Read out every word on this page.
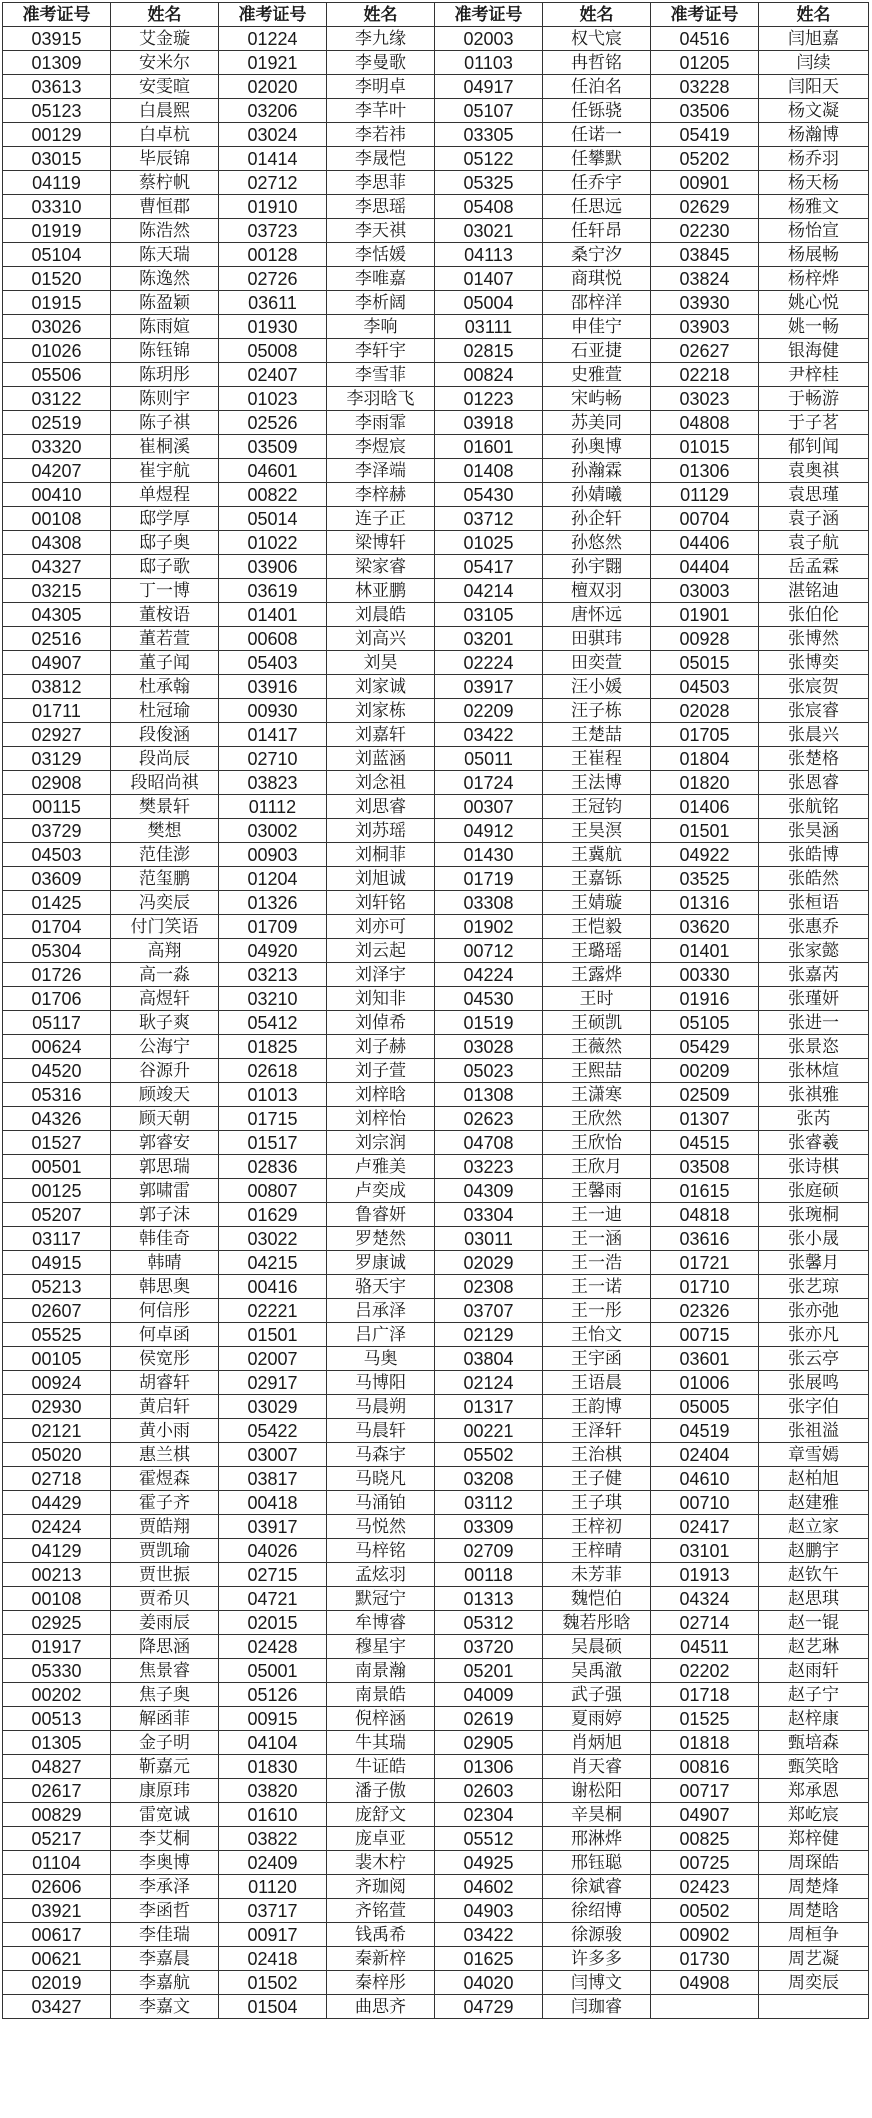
准考证号	姓名	准考证号	姓名	准考证号	姓名	准考证号	姓名
03915	艾金璇	01224	李九缘	02003	权弋宸	04516	闫旭嘉
01309	安米尔	01921	李曼歌	01103	冉哲铭	01205	闫续
03613	安雯暄	02020	李明卓	04917	任泊名	03228	闫阳天
05123	白晨熙	03206	李芊叶	05107	任铄骁	03506	杨文凝
00129	白卓杭	03024	李若祎	03305	任诺一	05419	杨瀚博
03015	毕辰锦	01414	李晟恺	05122	任攀默	05202	杨乔羽
04119	蔡柠帆	02712	李思菲	05325	任乔宇	00901	杨天杨
03310	曹恒郡	01910	李思瑶	05408	任思远	02629	杨雅文
01919	陈浩然	03723	李天祺	03021	任轩昂	02230	杨怡宣
05104	陈天瑞	00128	李恬媛	04113	桑宁汐	03845	杨展畅
01520	陈逸然	02726	李唯嘉	01407	商琪悦	03824	杨梓烨
01915	陈盈颖	03611	李析阔	05004	邵梓洋	03930	姚心悦
03026	陈雨媗	01930	李响	03111	申佳宁	03903	姚一畅
01026	陈钰锦	05008	李轩宇	02815	石亚捷	02627	银海健
05506	陈玥彤	02407	李雪菲	00824	史雅萱	02218	尹梓桂
03122	陈则宇	01023	李羽晗飞	01223	宋屿畅	03023	于畅游
02519	陈子祺	02526	李雨霏	03918	苏美同	04808	于子茗
03320	崔桐溪	03509	李煜宸	01601	孙奥博	01015	郁钊闻
04207	崔宇航	04601	李泽端	01408	孙瀚霖	01306	袁奥祺
00410	单煜程	00822	李梓赫	05430	孙婧曦	01129	袁思瑾
00108	邸学厚	05014	连子正	03712	孙企轩	00704	袁子涵
04308	邸子奥	01022	梁博轩	01025	孙悠然	04406	袁子航
04327	邸子歌	03906	梁家睿	05417	孙宇翾	04404	岳孟霖
03215	丁一博	03619	林亚鹏	04214	檀双羽	03003	湛铭迪
04305	董桉语	01401	刘晨皓	03105	唐怀远	01901	张伯伦
02516	董若萱	00608	刘高兴	03201	田骐玮	00928	张博然
04907	董子闻	05403	刘昊	02224	田奕萱	05015	张博奕
03812	杜承翰	03916	刘家诚	03917	汪小媛	04503	张宸贺
01711	杜冠瑜	00930	刘家栋	02209	汪子栋	02028	张宸睿
02927	段俊涵	01417	刘嘉轩	03422	王楚喆	01705	张晨兴
03129	段尚辰	02710	刘蓝涵	05011	王崔程	01804	张楚格
02908	段昭尚祺	03823	刘念祖	01724	王法博	01820	张恩睿
00115	樊景轩	01112	刘思睿	00307	王冠钧	01406	张航铭
03729	樊想	03002	刘苏瑶	04912	王昊溟	01501	张昊涵
04503	范佳澎	00903	刘桐菲	01430	王冀航	04922	张皓博
03609	范玺鹏	01204	刘旭诚	01719	王嘉铄	03525	张皓然
01425	冯奕辰	01326	刘轩铭	03308	王婧璇	01316	张桓语
01704	付门笑语	01709	刘亦可	01902	王恺毅	03620	张惠乔
05304	高翔	04920	刘云起	00712	王璐瑶	01401	张家懿
01726	高一淼	03213	刘泽宇	04224	王露烨	00330	张嘉芮
01706	高煜轩	03210	刘知非	04530	王时	01916	张瑾妍
05117	耿子爽	05412	刘倬希	01519	王硕凯	05105	张进一
00624	公海宁	01825	刘子赫	03028	王薇然	05429	张景恣
04520	谷源升	02618	刘子萱	05023	王熙喆	00209	张林煊
05316	顾竣天	01013	刘梓晗	01308	王潇寒	02509	张祺雅
04326	顾天朝	01715	刘梓怡	02623	王欣然	01307	张芮
01527	郭睿安	01517	刘宗润	04708	王欣怡	04515	张睿羲
00501	郭思瑞	02836	卢雅美	03223	王欣月	03508	张诗棋
00125	郭啸雷	00807	卢奕成	04309	王馨雨	01615	张庭硕
05207	郭子沫	01629	鲁睿妍	03304	王一迪	04818	张琬桐
03117	韩佳奇	03022	罗楚然	03011	王一涵	03616	张小晟
04915	韩晴	04215	罗康诚	02029	王一浩	01721	张馨月
05213	韩思奥	00416	骆天宇	02308	王一诺	01710	张艺琼
02607	何信彤	02221	吕承泽	03707	王一彤	02326	张亦弛
05525	何卓函	01501	吕广泽	02129	王怡文	00715	张亦凡
00105	侯宽彤	02007	马奥	03804	王宇函	03601	张云亭
00924	胡睿轩	02917	马博阳	02124	王语晨	01006	张展鸣
02930	黄启轩	03029	马晨朔	01317	王韵博	05005	张字伯
02121	黄小雨	05422	马晨轩	00221	王泽轩	04519	张祖溢
05020	惠兰棋	03007	马森宇	05502	王治棋	02404	章雪嫣
02718	霍煜森	03817	马晓凡	03208	王子健	04610	赵柏旭
04429	霍子齐	00418	马涌铂	03112	王子琪	00710	赵建雅
02424	贾皓翔	03917	马悦然	03309	王梓初	02417	赵立家
04129	贾凯瑜	04026	马梓铭	02709	王梓晴	03101	赵鹏宇
00213	贾世振	02715	孟炫羽	00118	未芳菲	01913	赵钦午
00108	贾希贝	04721	默冠宁	01313	魏恺伯	04324	赵思琪
02925	姜雨辰	02015	牟博睿	05312	魏若彤晗	02714	赵一锟
01917	降思涵	02428	穆星宇	03720	吴晨硕	04511	赵艺琳
05330	焦景睿	05001	南景瀚	05201	吴禹澈	02202	赵雨轩
00202	焦子奥	05126	南景皓	04009	武子强	01718	赵子宁
00513	解函菲	00915	倪梓涵	02619	夏雨婷	01525	赵梓康
01305	金子明	04104	牛其瑞	02905	肖炳旭	01818	甄培森
04827	靳嘉元	01830	牛证皓	01306	肖天睿	00816	甄笑晗
02617	康原玮	03820	潘子傲	02603	谢松阳	00717	郑承恩
00829	雷宽诚	01610	庞舒文	02304	辛昊桐	04907	郑屹宸
05217	李艾桐	03822	庞卓亚	05512	邢淋烨	00825	郑梓健
01104	李奥博	02409	裴木柠	04925	邢钰聪	00725	周琛皓
02606	李承泽	01120	齐珈阅	04602	徐斌睿	02423	周楚烽
03921	李函哲	03717	齐铭萱	04903	徐绍博	00502	周楚晗
00617	李佳瑞	00917	钱禹希	03422	徐源骏	00902	周桓争
00621	李嘉晨	02418	秦新梓	01625	许多多	01730	周艺凝
02019	李嘉航	01502	秦梓彤	04020	闫博文	04908	周奕辰
03427	李嘉文	01504	曲思齐	04729	闫珈睿		
